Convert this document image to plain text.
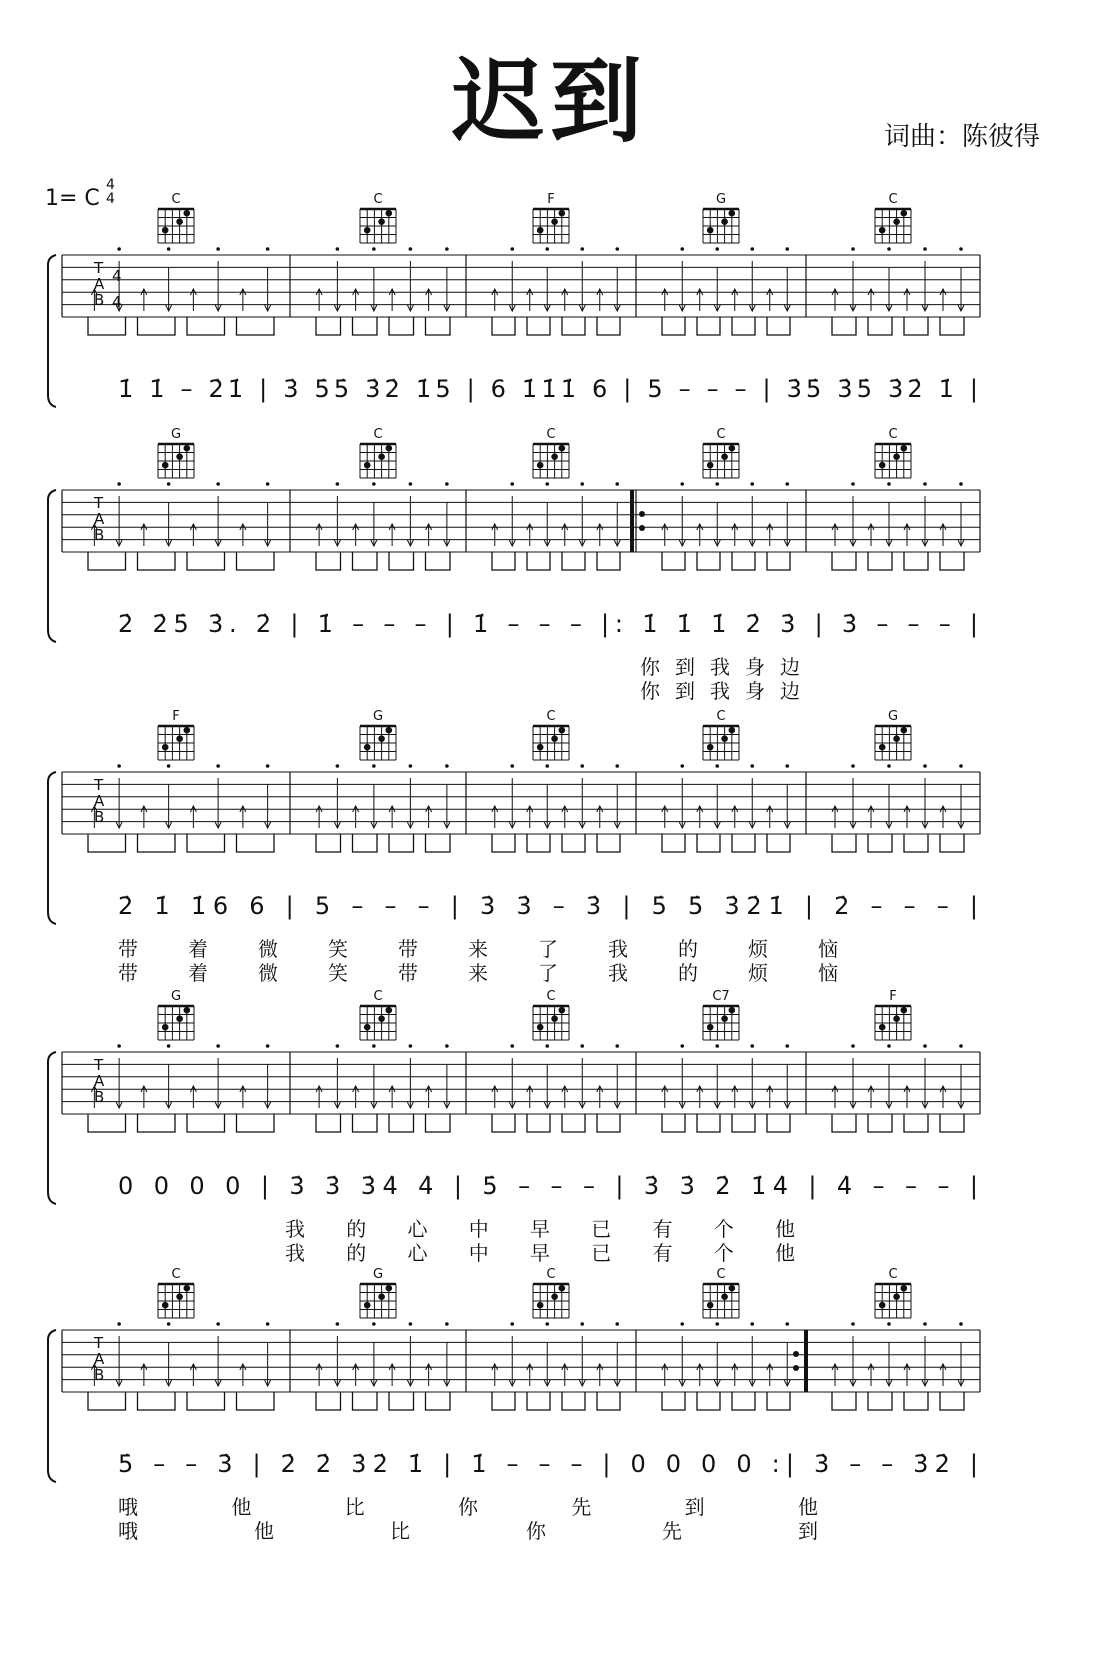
迟到	词曲：陈彼得
1= C
4
4
T
A
B
4
4
C	C	F	G	C
1̇ 1̇ – 2̇1̇ | 3̇ 5̇5̇ 3̇2̇ 1̇5 | 6 1̇1̇1̇ 6 | 5 – – – | 3̇5̇ 3̇5̇ 3̇2̇ 1̇ |
T
A
B
G	C	C	C	C
2̇ 2̇5̇ 3̇. 2̇ | 1̇ – – – | 1̇ – – – |: 1̇ 1̇ 1̇ 2̇ 3̇ | 3̇ – – – |
你 到 我 身 边
你 到 我 身 边
T
A
B
F	G	C	C	G
2̇ 1̇ 1̇6 6 | 5 – – – | 3̇ 3̇ – 3̇ | 5̇ 5̇ 3̇2̇1̇ | 2̇ – – – |
带 着 微 笑 带 来 了 我 的 烦 恼
带 着 微 笑 带 来 了 我 的 烦 恼
T
A
B
G	C	C	C7	F
0 0 0 0 | 3̇ 3̇ 3̇4̇ 4̇ | 5̇ – – – | 3̇ 3̇ 2̇ 1̇4̇ | 4̇ – – – |
我 的 心 中 早 已 有 个 他
我 的 心 中 早 已 有 个 他
T
A
B
C	G	C	C	C
5̇ – – 3̇ | 2̇ 2̇ 3̇2̇ 1̇ | 1̇ – – – | 0 0 0 0 :| 3̇ – – 3̇2̇ |
哦 他 比 你 先 到 他
哦 他 比 你 先 到
